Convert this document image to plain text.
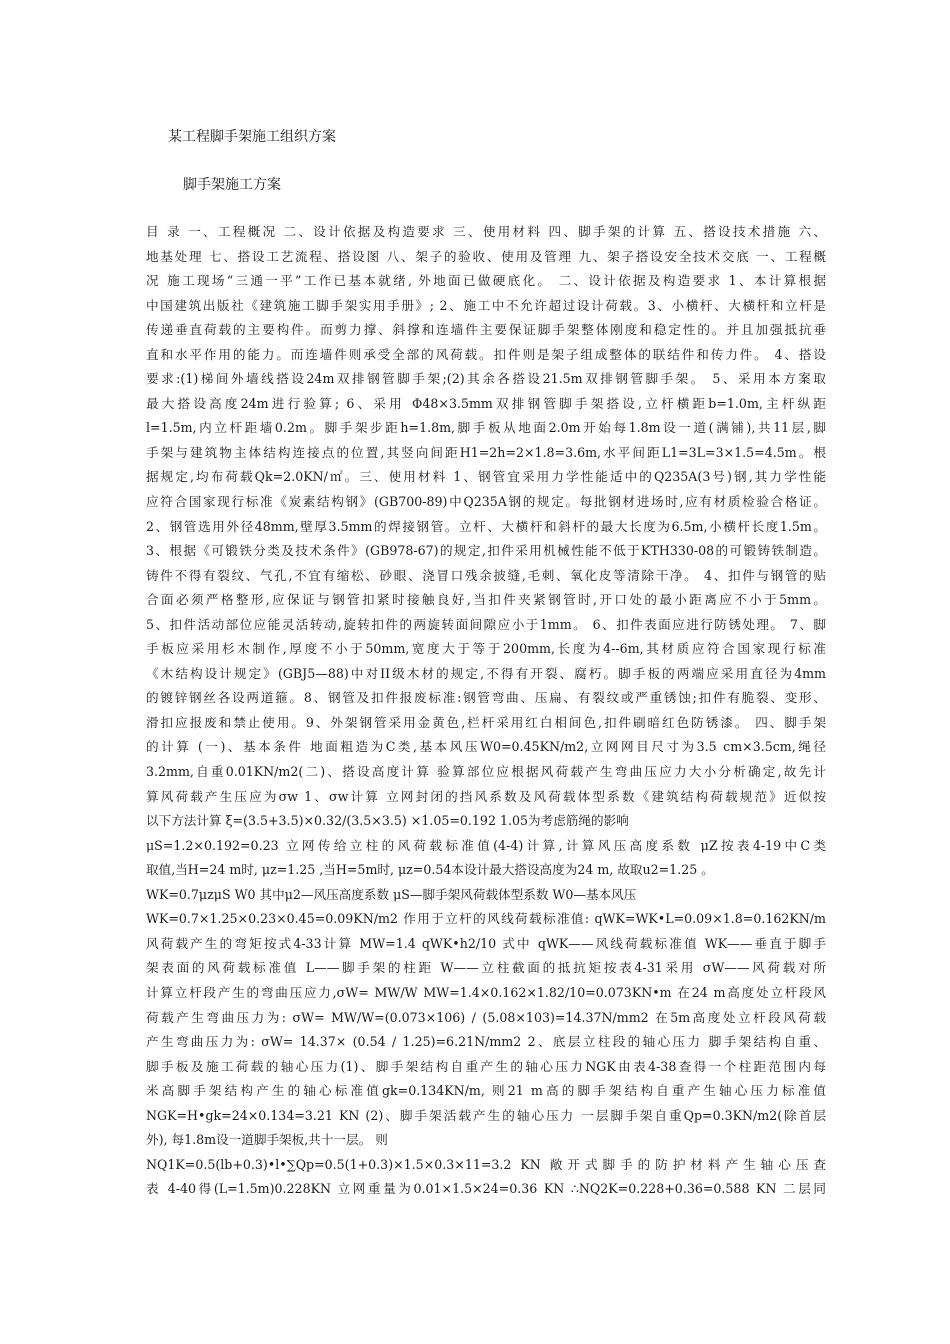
某工程脚手架施工组织方案
脚手架施工方案
目 录 一、工程概况 二、设计依据及构造要求 三、使用材料 四、脚手架的计算 五、搭设技术措施 六、
地基处理 七、搭设工艺流程、搭设图 八、架子的验收、使用及管理 九、架子搭设安全技术交底 一、工程概
况 施工现场“三通一平”工作已基本就绪, 外地面已做硬底化。 二、设计依据及构造要求 1、本计算根据
中国建筑出版社《建筑施工脚手架实用手册》; 2、施工中不允许超过设计荷载。3、小横杆、大横杆和立杆是
传递垂直荷载的主要构件。而剪力撑、斜撑和连墙件主要保证脚手架整体刚度和稳定性的。并且加强抵抗垂
直和水平作用的能力。而连墙件则承受全部的风荷载。扣件则是架子组成整体的联结件和传力件。 4、搭设
要求:(1)梯间外墙线搭设24m双排钢管脚手架;(2)其余各搭设21.5m双排钢管脚手架。 5、采用本方案取
最大搭设高度24m进行验算; 6、采用 Φ48×3.5mm双排钢管脚手架搭设,立杆横距b=1.0m,主杆纵距
l=1.5m,内立杆距墙0.2m。脚手架步距h=1.8m,脚手板从地面2.0m开始每1.8m设一道(满铺),共11层,脚
手架与建筑物主体结构连接点的位置,其竖向间距H1=2h=2×1.8=3.6m,水平间距L1=3L=3×1.5=4.5m。根
据规定,均布荷载Qk=2.0KN/㎡。三、使用材料 1、钢管宜采用力学性能适中的Q235A(3号)钢,其力学性能
应符合国家现行标准《炭素结构钢》(GB700-89)中Q235A钢的规定。每批钢材进场时,应有材质检验合格证。
2、钢管选用外径48mm,壁厚3.5mm的焊接钢管。立杆、大横杆和斜杆的最大长度为6.5m,小横杆长度1.5m。
3、根据《可锻铁分类及技术条件》(GB978-67)的规定,扣件采用机械性能不低于KTH330-08的可锻铸铁制造。
铸件不得有裂纹、气孔,不宜有缩松、砂眼、浇冒口残余披缝,毛刺、氧化皮等清除干净。 4、扣件与钢管的贴
合面必须严格整形,应保证与钢管扣紧时接触良好,当扣件夹紧钢管时,开口处的最小距离应不小于5mm。
5、扣件活动部位应能灵活转动,旋转扣件的两旋转面间隙应小于1mm。 6、扣件表面应进行防锈处理。 7、脚
手板应采用杉木制作,厚度不小于50mm,宽度大于等于200mm,长度为4--6m,其材质应符合国家现行标准
《木结构设计规定》(GBJ5—88)中对II级木材的规定,不得有开裂、腐朽。脚手板的两端应采用直径为4mm
的镀锌钢丝各设两道箍。8、钢管及扣件报废标准:钢管弯曲、压扁、有裂纹或严重锈蚀;扣件有脆裂、变形、
滑扣应报废和禁止使用。9、外架钢管采用金黄色,栏杆采用红白相间色,扣件刷暗红色防锈漆。 四、脚手架
的计算 (一)、基本条件 地面粗造为C类,基本风压W0=0.45KN/m2,立网网目尺寸为3.5 cm×3.5cm,绳径
3.2mm,自重0.01KN/m2(二)、搭设高度计算 验算部位应根据风荷载产生弯曲压应力大小分析确定,故先计
算风荷载产生压应为σw 1、σw计算 立网封闭的挡风系数及风荷载体型系数《建筑结构荷载规范》近似按
以下方法计算 ξ=(3.5+3.5)×0.32/(3.5×3.5) ×1.05=0.192 1.05为考虑筋绳的影响
μS=1.2×0.192=0.23 立网传给立柱的风荷载标准值(4-4)计算,计算风压高度系数 μZ按表4-19中C类
取值,当H=24 m时, μz=1.25 ,当H=5m时, μz=0.54本设计最大搭设高度为24 m, 故取u2=1.25 。
WK=0.7μzμS W0 其中μ2—风压高度系数 μS—脚手架风荷载体型系数 W0—基本风压
WK=0.7×1.25×0.23×0.45=0.09KN/m2 作用于立杆的风线荷载标准值: qWK=WK•L=0.09×1.8=0.162KN/m
风荷载产生的弯矩按式4-33计算 MW=1.4 qWK•h2/10 式中 qWK——风线荷载标准值 WK——垂直于脚手
架表面的风荷载标准值 L——脚手架的柱距 W——立柱截面的抵抗矩按表4-31采用 σW——风荷载对所
计算立杆段产生的弯曲压应力,σW= MW/W MW=1.4×0.162×1.82/10=0.073KN•m 在24 m高度处立杆段风
荷载产生弯曲压力为: σW= MW/W=(0.073×106) / (5.08×103)=14.37N/mm2 在5m高度处立杆段风荷载
产生弯曲压力为: σW= 14.37× (0.54 / 1.25)=6.21N/mm2 2、底层立柱段的轴心压力 脚手架结构自重、
脚手板及施工荷载的轴心压力(1)、脚手架结构自重产生的轴心压力NGK由表4-38查得一个柱距范围内每
米高脚手架结构产生的轴心标准值gk=0.134KN/m, 则21 m高的脚手架结构自重产生轴心压力标准值
NGK=H•gk=24×0.134=3.21 KN (2)、脚手架活载产生的轴心压力 一层脚手架自重Qp=0.3KN/m2(除首层
外), 每1.8m设一道脚手架板,共十一层。 则
NQ1K=0.5(lb+0.3)•l•∑Qp=0.5(1+0.3)×1.5×0.3×11=3.2 KN 敞开式脚手的防护材料产生轴心压查
表 4-40得(L=1.5m)0.228KN 立网重量为0.01×1.5×24=0.36 KN ∴NQ2K=0.228+0.36=0.588 KN 二层同
